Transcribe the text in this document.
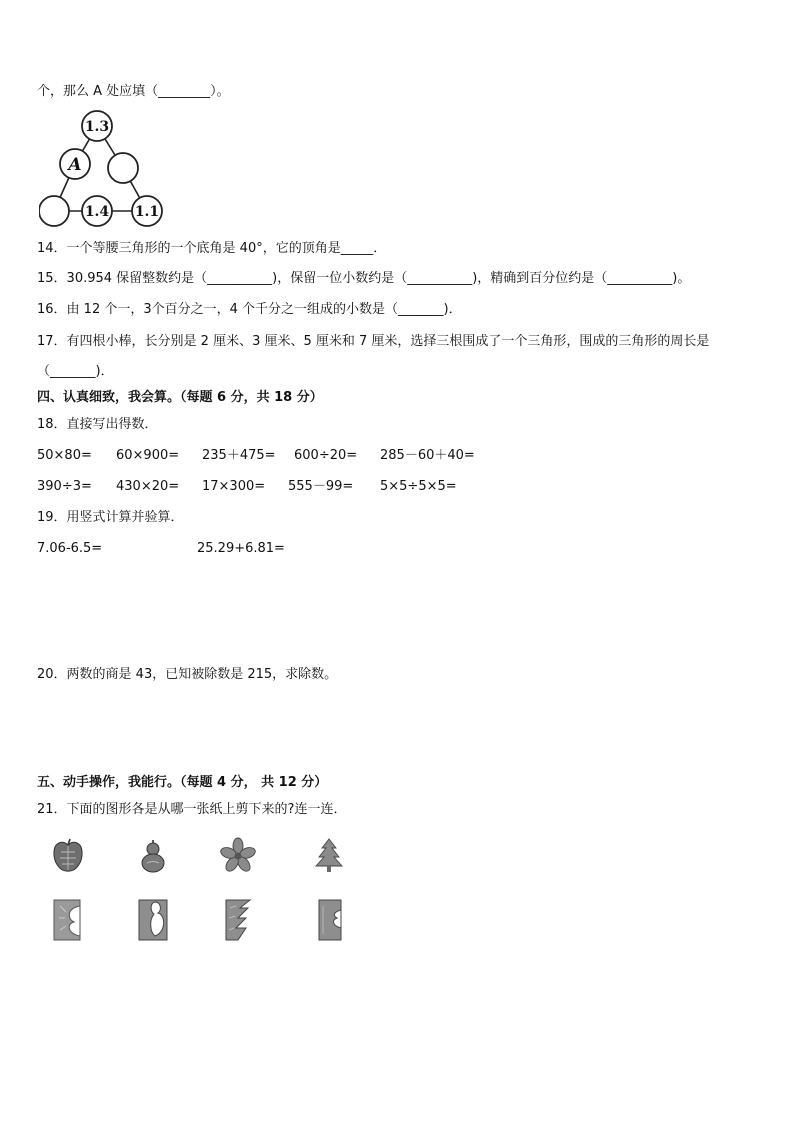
个，那么 A 处应填（________）。
1.3
A
1.4 1.1
14．一个等腰三角形的一个底角是 40°，它的顶角是_____．
15．30.954 保留整数约是（__________)，保留一位小数约是（__________)，精确到百分位约是（__________)。
16．由 12 个一，3个百分之一，4 个千分之一组成的小数是（_______)．
17．有四根小棒，长分别是 2 厘米、3 厘米、5 厘米和 7 厘米，选择三根围成了一个三角形，围成的三角形的周长是
（_______)．
四、认真细致，我会算。（每题 6 分，共 18 分）
18．直接写出得数．
50×80= 60×900= 235＋475= 600÷20= 285－60＋40=
390÷3= 430×20= 17×300= 555－99= 5×5÷5×5=
19．用竖式计算并验算．
7.06-6.5=	25.29+6.81=
20．两数的商是 43，已知被除数是 215，求除数。
五、动手操作，我能行。（每题 4 分， 共 12 分）
21．下面的图形各是从哪一张纸上剪下来的?连一连．
